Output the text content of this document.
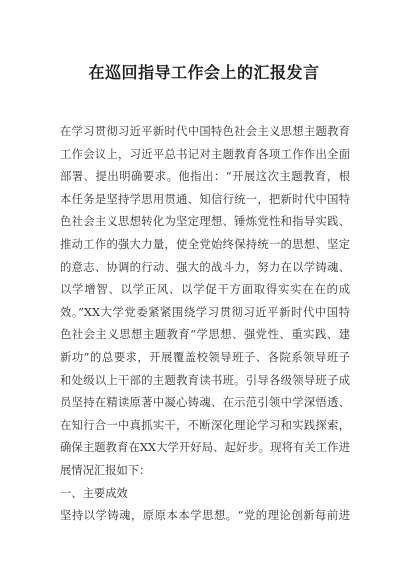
在巡回指导工作会上的汇报发言
在学习贯彻习近平新时代中国特色社会主义思想主题教育
工作会议上，习近平总书记对主题教育各项工作作出全面
部署、提出明确要求。他指出：“开展这次主题教育，根
本任务是坚持学思用贯通、知信行统一，把新时代中国特
色社会主义思想转化为坚定理想、锤炼党性和指导实践、
推动工作的强大力量，使全党始终保持统一的思想、坚定
的意志、协调的行动、强大的战斗力，努力在以学铸魂、
以学增智、以学正风、以学促干方面取得实实在在的成
效。”XX大学党委紧紧围绕学习贯彻习近平新时代中国特
色社会主义思想主题教育“学思想、强党性、重实践、建
新功”的总要求，开展覆盖校领导班子、各院系领导班子
和处级以上干部的主题教育读书班。引导各级领导班子成
员坚持在精读原著中凝心铸魂、在示范引领中学深悟透、
在知行合一中真抓实干，不断深化理论学习和实践探索，
确保主题教育在XX大学开好局、起好步。现将有关工作进
展情况汇报如下：
一、主要成效
坚持以学铸魂，原原本本学思想。“党的理论创新每前进
